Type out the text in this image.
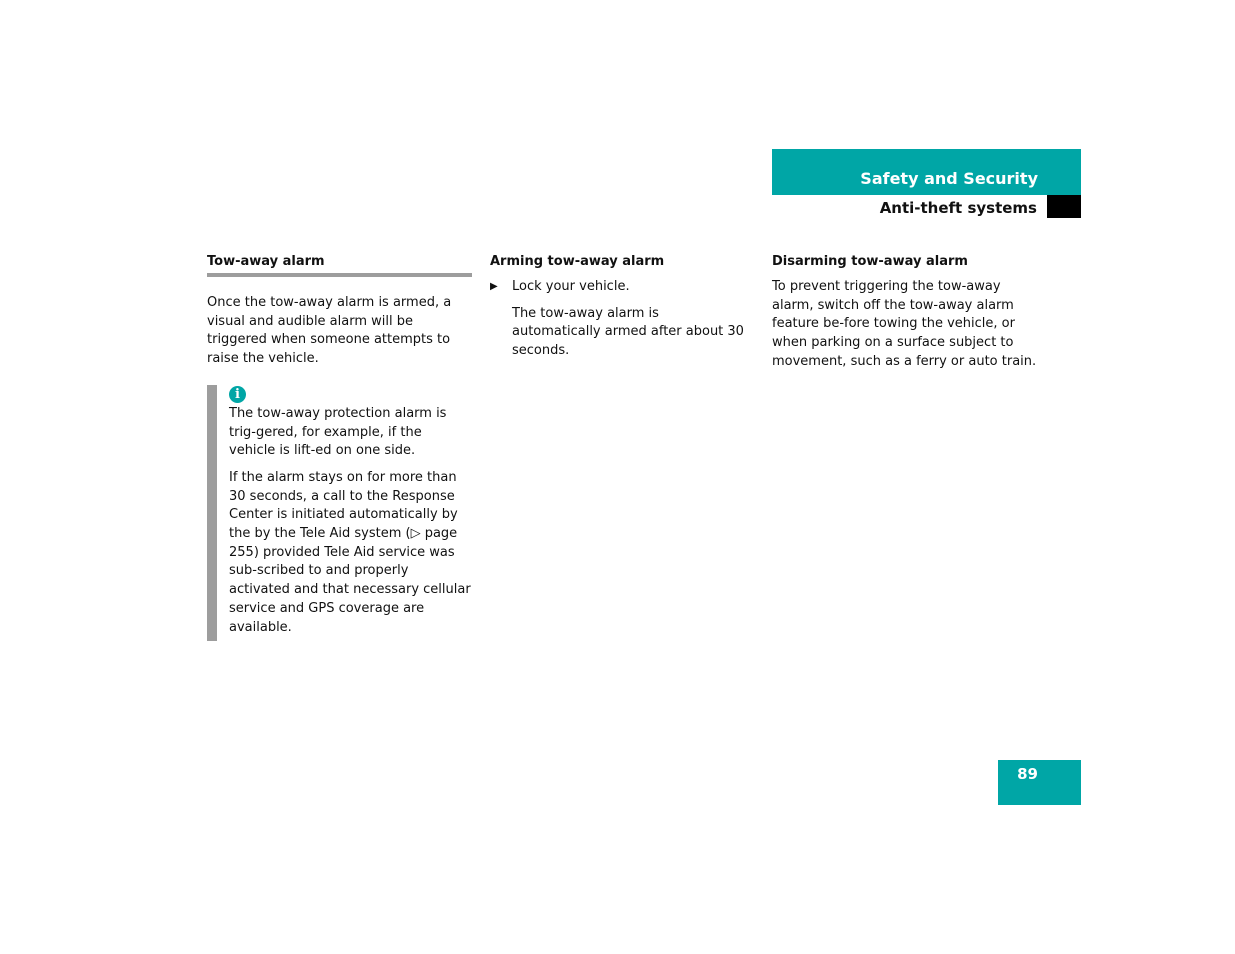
Safety and Security
Anti-theft systems
Tow-away alarm

Once the tow-away alarm is armed, a visual and audible alarm will be triggered when someone attempts to raise the vehicle.

i

The tow-away protection alarm is trig-gered, for example, if the vehicle is lift-ed on one side.

If the alarm stays on for more than 30 seconds, a call to the Response Center is initiated automatically by the by the Tele Aid system (▷ page 255) provided Tele Aid service was sub-scribed to and properly activated and that necessary cellular service and GPS coverage are available.

Arming tow-away alarm
▶ Lock your vehicle.

The tow-away alarm is automatically armed after about 30 seconds.

Disarming tow-away alarm

To prevent triggering the tow-away alarm, switch off the tow-away alarm feature be-fore towing the vehicle, or when parking on a surface subject to movement, such as a ferry or auto train.

89
